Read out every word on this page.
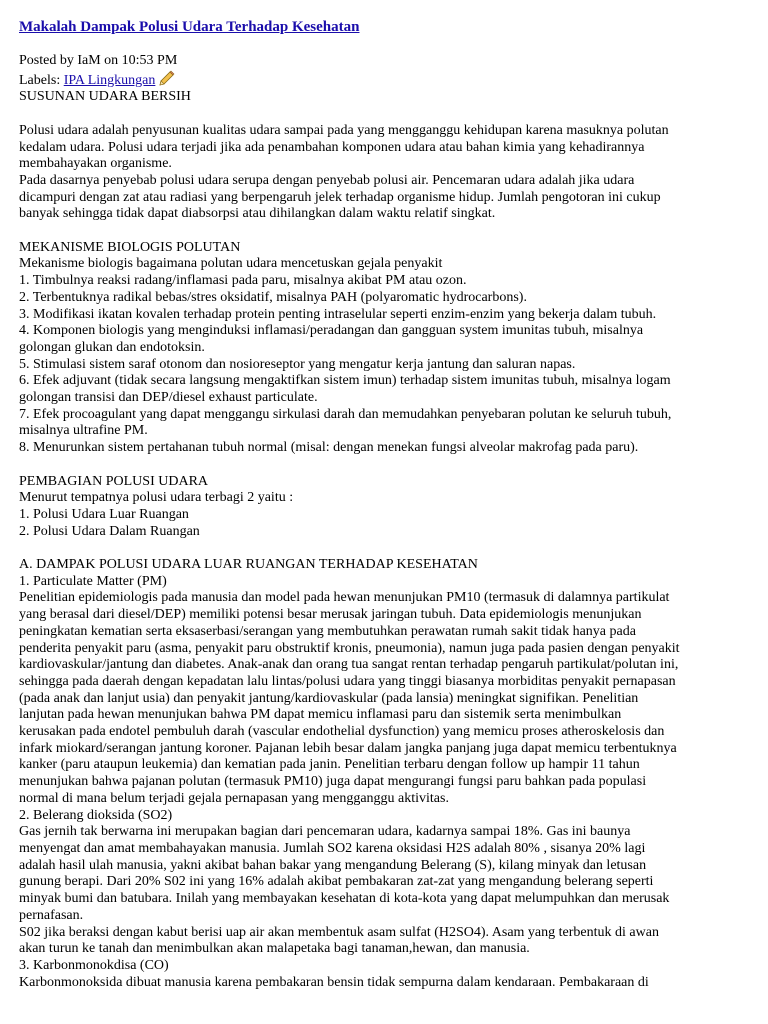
Makalah Dampak Polusi Udara Terhadap Kesehatan
Posted by IaM on 10:53 PM
Labels: IPA Lingkungan
SUSUNAN UDARA BERSIH
Polusi udara adalah penyusunan kualitas udara sampai pada yang mengganggu kehidupan karena masuknya polutan
kedalam udara. Polusi udara terjadi jika ada penambahan komponen udara atau bahan kimia yang kehadirannya
membahayakan organisme.
Pada dasarnya penyebab polusi udara serupa dengan penyebab polusi air. Pencemaran udara adalah jika udara
dicampuri dengan zat atau radiasi yang berpengaruh jelek terhadap organisme hidup. Jumlah pengotoran ini cukup
banyak sehingga tidak dapat diabsorpsi atau dihilangkan dalam waktu relatif singkat.
MEKANISME BIOLOGIS POLUTAN
Mekanisme biologis bagaimana polutan udara mencetuskan gejala penyakit
1. Timbulnya reaksi radang/inflamasi pada paru, misalnya akibat PM atau ozon.
2. Terbentuknya radikal bebas/stres oksidatif, misalnya PAH (polyaromatic hydrocarbons).
3. Modifikasi ikatan kovalen terhadap protein penting intraselular seperti enzim-enzim yang bekerja dalam tubuh.
4. Komponen biologis yang menginduksi inflamasi/peradangan dan gangguan system imunitas tubuh, misalnya
golongan glukan dan endotoksin.
5. Stimulasi sistem saraf otonom dan nosioreseptor yang mengatur kerja jantung dan saluran napas.
6. Efek adjuvant (tidak secara langsung mengaktifkan sistem imun) terhadap sistem imunitas tubuh, misalnya logam
golongan transisi dan DEP/diesel exhaust particulate.
7. Efek procoagulant yang dapat menggangu sirkulasi darah dan memudahkan penyebaran polutan ke seluruh tubuh,
misalnya ultrafine PM.
8. Menurunkan sistem pertahanan tubuh normal (misal: dengan menekan fungsi alveolar makrofag pada paru).
PEMBAGIAN POLUSI UDARA
Menurut tempatnya polusi udara terbagi 2 yaitu :
1. Polusi Udara Luar Ruangan
2. Polusi Udara Dalam Ruangan
A. DAMPAK POLUSI UDARA LUAR RUANGAN TERHADAP KESEHATAN
1. Particulate Matter (PM)
Penelitian epidemiologis pada manusia dan model pada hewan menunjukan PM10 (termasuk di dalamnya partikulat
yang berasal dari diesel/DEP) memiliki potensi besar merusak jaringan tubuh. Data epidemiologis menunjukan
peningkatan kematian serta eksaserbasi/serangan yang membutuhkan perawatan rumah sakit tidak hanya pada
penderita penyakit paru (asma, penyakit paru obstruktif kronis, pneumonia), namun juga pada pasien dengan penyakit
kardiovaskular/jantung dan diabetes. Anak-anak dan orang tua sangat rentan terhadap pengaruh partikulat/polutan ini,
sehingga pada daerah dengan kepadatan lalu lintas/polusi udara yang tinggi biasanya morbiditas penyakit pernapasan
(pada anak dan lanjut usia) dan penyakit jantung/kardiovaskular (pada lansia) meningkat signifikan. Penelitian
lanjutan pada hewan menunjukan bahwa PM dapat memicu inflamasi paru dan sistemik serta menimbulkan
kerusakan pada endotel pembuluh darah (vascular endothelial dysfunction) yang memicu proses atheroskelosis dan
infark miokard/serangan jantung koroner. Pajanan lebih besar dalam jangka panjang juga dapat memicu terbentuknya
kanker (paru ataupun leukemia) dan kematian pada janin. Penelitian terbaru dengan follow up hampir 11 tahun
menunjukan bahwa pajanan polutan (termasuk PM10) juga dapat mengurangi fungsi paru bahkan pada populasi
normal di mana belum terjadi gejala pernapasan yang mengganggu aktivitas.
2. Belerang dioksida (SO2)
Gas jernih tak berwarna ini merupakan bagian dari pencemaran udara, kadarnya sampai 18%. Gas ini baunya
menyengat dan amat membahayakan manusia. Jumlah SO2 karena oksidasi H2S adalah 80% , sisanya 20% lagi
adalah hasil ulah manusia, yakni akibat bahan bakar yang mengandung Belerang (S), kilang minyak dan letusan
gunung berapi. Dari 20% S02 ini yang 16% adalah akibat pembakaran zat-zat yang mengandung belerang seperti
minyak bumi dan batubara. Inilah yang membayakan kesehatan di kota-kota yang dapat melumpuhkan dan merusak
pernafasan.
S02 jika beraksi dengan kabut berisi uap air akan membentuk asam sulfat (H2SO4). Asam yang terbentuk di awan
akan turun ke tanah dan menimbulkan akan malapetaka bagi tanaman,hewan, dan manusia.
3. Karbonmonokdisa (CO)
Karbonmonoksida dibuat manusia karena pembakaran bensin tidak sempurna dalam kendaraan. Pembakaraan di
